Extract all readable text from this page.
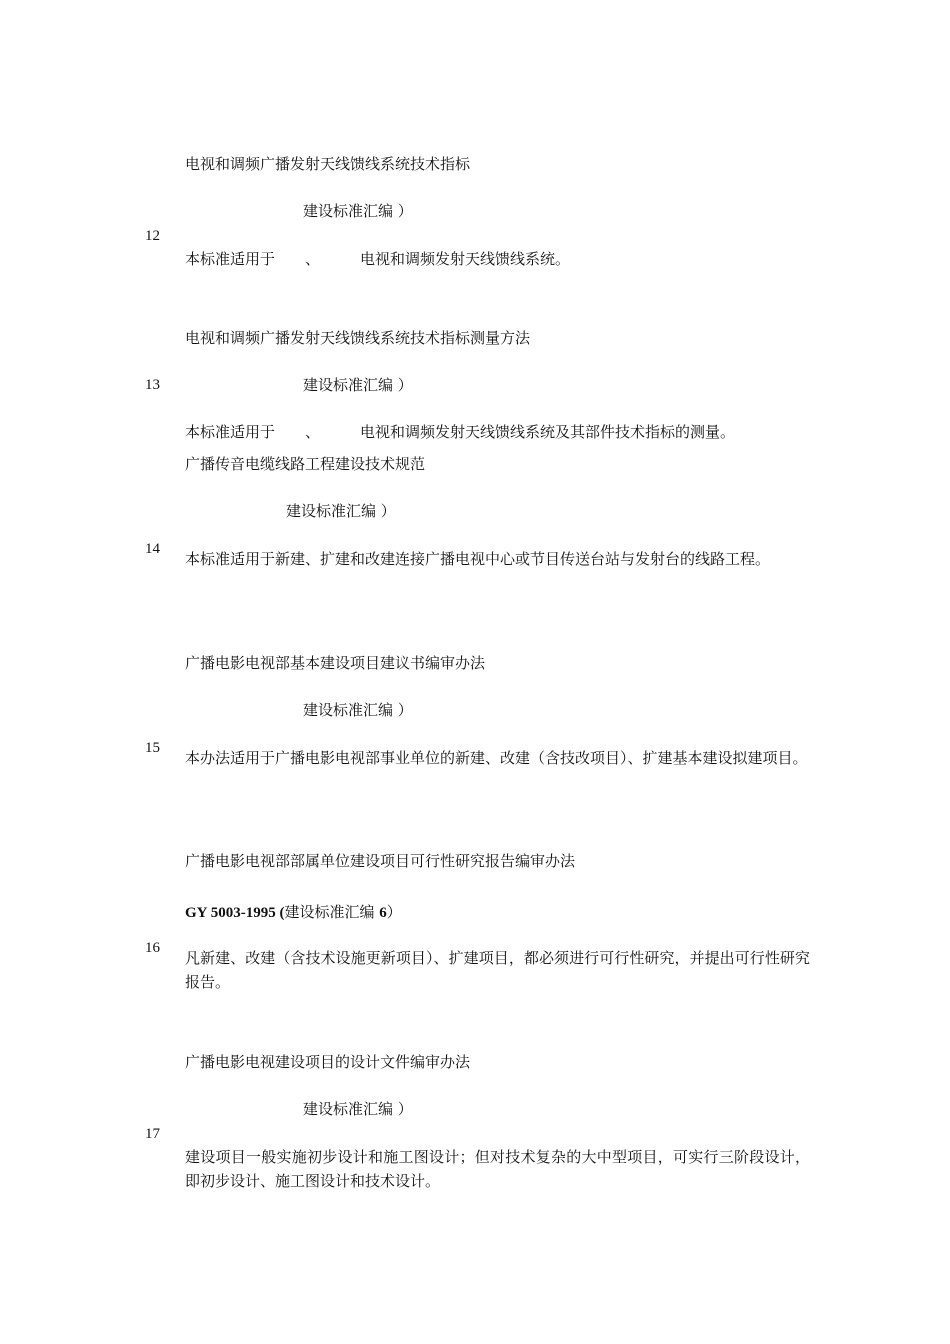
电视和调频广播发射天线馈线系统技术指标
建设标准汇编 ）
12
本标准适用于 、	电视和调频发射天线馈线系统。
电视和调频广播发射天线馈线系统技术指标测量方法
13	建设标准汇编 ）
本标准适用于 、	电视和调频发射天线馈线系统及其部件技术指标的测量。
广播传音电缆线路工程建设技术规范
建设标准汇编 ）
14
本标准适用于新建、扩建和改建连接广播电视中心或节目传送台站与发射台的线路工程。
广播电影电视部基本建设项目建议书编审办法
建设标准汇编 ）
15
本办法适用于广播电影电视部事业单位的新建、改建（含技改项目）、扩建基本建设拟建项目。
广播电影电视部部属单位建设项目可行性研究报告编审办法
GY 5003-1995 (建设标准汇编 6）
16
凡新建、改建（含技术设施更新项目）、扩建项目，都必须进行可行性研究，并提出可行性研究报告。
广播电影电视建设项目的设计文件编审办法
建设标准汇编 ）
17
建设项目一般实施初步设计和施工图设计；但对技术复杂的大中型项目，可实行三阶段设计，即初步设计、施工图设计和技术设计。
